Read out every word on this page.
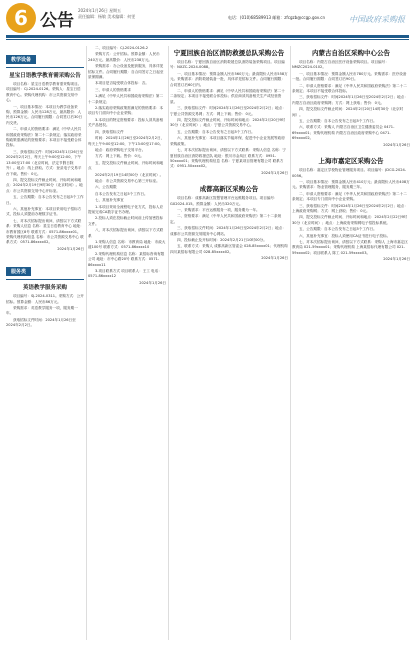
6 公告
2024年1月26日 星期五
责任编辑：杨敏 美术编辑：何雯	电话：(010)68589913 邮箱：zfcgzb@ccgp.gov.cn	中国政府采购报
教学设备
星宝日语教学教育需采购公告

项目名称：星宝日语教学教育需采购项目。项目编号：CJ-2024-0126。采购人：星宝日语教育中心。采购代理机构：市公共资源交易中心。

一、项目基本情况：本项目为教学设备采购，预算金额：人民币128万元，最高限价：人民币126万元。合同履行期限：合同签订后30日内交货。

二、申请人的资格要求：满足《中华人民共和国政府采购法》第二十二条规定；落实政府采购政策需满足的资格要求；本项目不接受联合体投标。

三、获取招标文件：时间2024年1月26日至2024年2月2日，每天上午9:00至12:00，下午13:00至17:00（北京时间，法定节假日除外）。地点：线上获取。方式：登录电子交易平台下载。售价：0元。

四、提交投标文件截止时间、开标时间和地点：2024年2月19日9时30分（北京时间）。地点：市公共资源交易中心开标室。

五、公告期限：自本公告发布之日起5个工作日。

六、其他补充事宜：本项目采用电子招标方式，投标人须提前办理数字证书。

七、对本次招标提出询问，请按以下方式联系：采购人信息 名称：星宝日语教育中心 地址：市教育园区8号 联系方式：0571-86xxxx01。采购代理机构信息 名称：市公共资源交易中心 联系方式：0571-86xxxx02。

2024年1月26日
服务类
英语教学服务采购

项目编号：SJ-2024-0311。采购方式：公开招标。预算金额：人民币86万元。

采购需求：英语教学服务一项，服务期一年。

获取招标文件时间：2024年1月26日至2024年2月2日。

二、项目编号：CJ-2024-0126-2

采购方式：公开招标。预算金额：人民币240万元。最高限价：人民币238万元。

采购需求：办公设备及配套服务，具体详见招标文件。合同履行期限：自合同签订之日起至质保期满。

本项目是否接受联合体投标：否。

三、申请人的资格要求

1.满足《中华人民共和国政府采购法》第二十二条规定；

2.落实政府采购政策需满足的资格要求：本项目专门面向中小企业采购；

3.本项目的特定资格要求：投标人须具备相关产品授权。

四、获取招标文件

时间：2024年1月26日至2024年2月2日，每天上午9:00至12:00，下午13:00至17:00。

地点：政府采购电子交易平台。

方式：网上下载。售价：0元。

五、提交投标文件截止时间、开标时间和地点

2024年2月19日14时00分（北京时间）。

地点：市公共资源交易中心第三开标室。

六、公告期限

自本公告发布之日起5个工作日。

七、其他补充事宜

1.本项目采用全流程电子化方式，投标人应提前完成CA数字证书办理。

2.投标人须在投标截止时间前上传加密投标文件。

八、对本次招标提出询问，请按以下方式联系

1.采购人信息 名称：市教育局 地址：市政大道100号 联系方式：0571-86xxxx10

2.采购代理机构信息 名称：某招标咨询有限公司 地址：市中心路20号 联系方式：0571-86xxxx11

3.项目联系方式 项目联系人：王工 电话：0571-86xxxx12

2024年1月26日
宁夏回族自治区消防救援总队采购公告

项目名称：宁夏回族自治区消防救援总队消防装备采购项目。项目编号：NXZC-2024-0088。

一、项目基本情况：预算金额人民币560万元；最高限价人民币558万元。采购需求：消防救援装备一批，具体详见招标文件。合同履行期限：合同签订后60日内。

二、申请人的资格要求：满足《中华人民共和国政府采购法》第二十二条规定；本项目不接受联合体投标；供应商须具备相关生产或经营资质。

三、获取招标文件：时间2024年1月26日至2024年2月2日；地点：宁夏公共资源交易网；方式：网上下载；售价：0元。

四、提交投标文件截止时间、开标时间和地点：2024年2月20日9时30分（北京时间）；地点：宁夏公共资源交易中心。

五、公告期限：自本公告发布之日起5个工作日。

六、其他补充事宜：本项目落实节能环保、促进中小企业发展等政府采购政策。

七、对本次招标提出询问，请按以下方式联系：采购人信息 名称：宁夏回族自治区消防救援总队 地址：银川市金凤区 联系方式：0951-50xxxx01；采购代理机构信息 名称：宁夏某项目管理有限公司 联系方式：0951-50xxxx02。

2024年1月26日
成都高新区采购公告

项目名称：成都高新区智慧管理平台运维服务项目。项目编号：GX2024-015。预算金额：人民币320万元。

一、采购需求：平台运维服务一项，服务期为一年。

二、资格要求：满足《中华人民共和国政府采购法》第二十二条规定。

三、获取招标文件时间：2024年1月26日至2024年2月2日；地点：成都市公共资源交易服务中心网站。

四、投标截止及开标时间：2024年2月21日10时00分。

五、联系方式：采购人 成都高新区管委会 028-85xxxx01；代理机构 四川某招标有限公司 028-85xxxx02。

2024年1月26日
内蒙古自治区采购中心公告

项目名称：内蒙古自治区医疗设备采购项目。项目编号：NMZC2024-0102。

一、项目基本情况：预算金额人民币780万元。采购需求：医疗设备一批。合同履行期限：合同签订后90日。

二、申请人资格要求：满足《中华人民共和国政府采购法》第二十二条规定；本项目不接受联合体投标。

三、获取招标文件：时间2024年1月26日至2024年2月2日；地点：内蒙古自治区政府采购网；方式：网上获取；售价：0元。

四、提交投标文件截止时间：2024年2月20日14时30分（北京时间）。

五、公告期限：自本公告发布之日起5个工作日。

六、联系方式：采购人 内蒙古自治区卫生健康委员会 0471-69xxxx01；采购代理机构 内蒙古自治区政府采购中心 0471-69xxxx02。

2024年1月26日
上海市嘉定区采购公告

项目名称：嘉定区学校物业管理服务项目。项目编号：JDCG-2024-0056。

一、项目基本情况：预算金额人民币410万元；最高限价人民币408万元。采购需求：物业管理服务，服务期三年。

二、申请人资格要求：满足《中华人民共和国政府采购法》第二十二条规定；本项目专门面向中小企业采购。

三、获取招标文件：时间2024年1月26日至2024年2月2日；地点：上海政府采购网；方式：网上获取；售价：0元。

四、提交投标文件截止时间、开标时间和地点：2024年2月22日9时30分（北京时间）；地点：上海政府采购网电子招投标系统。

五、公告期限：自本公告发布之日起5个工作日。

六、其他补充事宜：投标人须使用CA证书进行电子投标。

七、对本次招标提出询问，请按以下方式联系：采购人 上海市嘉定区教育局 021-59xxxx01；采购代理机构 上海某招标代理有限公司 021-59xxxx02；项目联系人 陈工 021-59xxxx03。

2024年1月26日
